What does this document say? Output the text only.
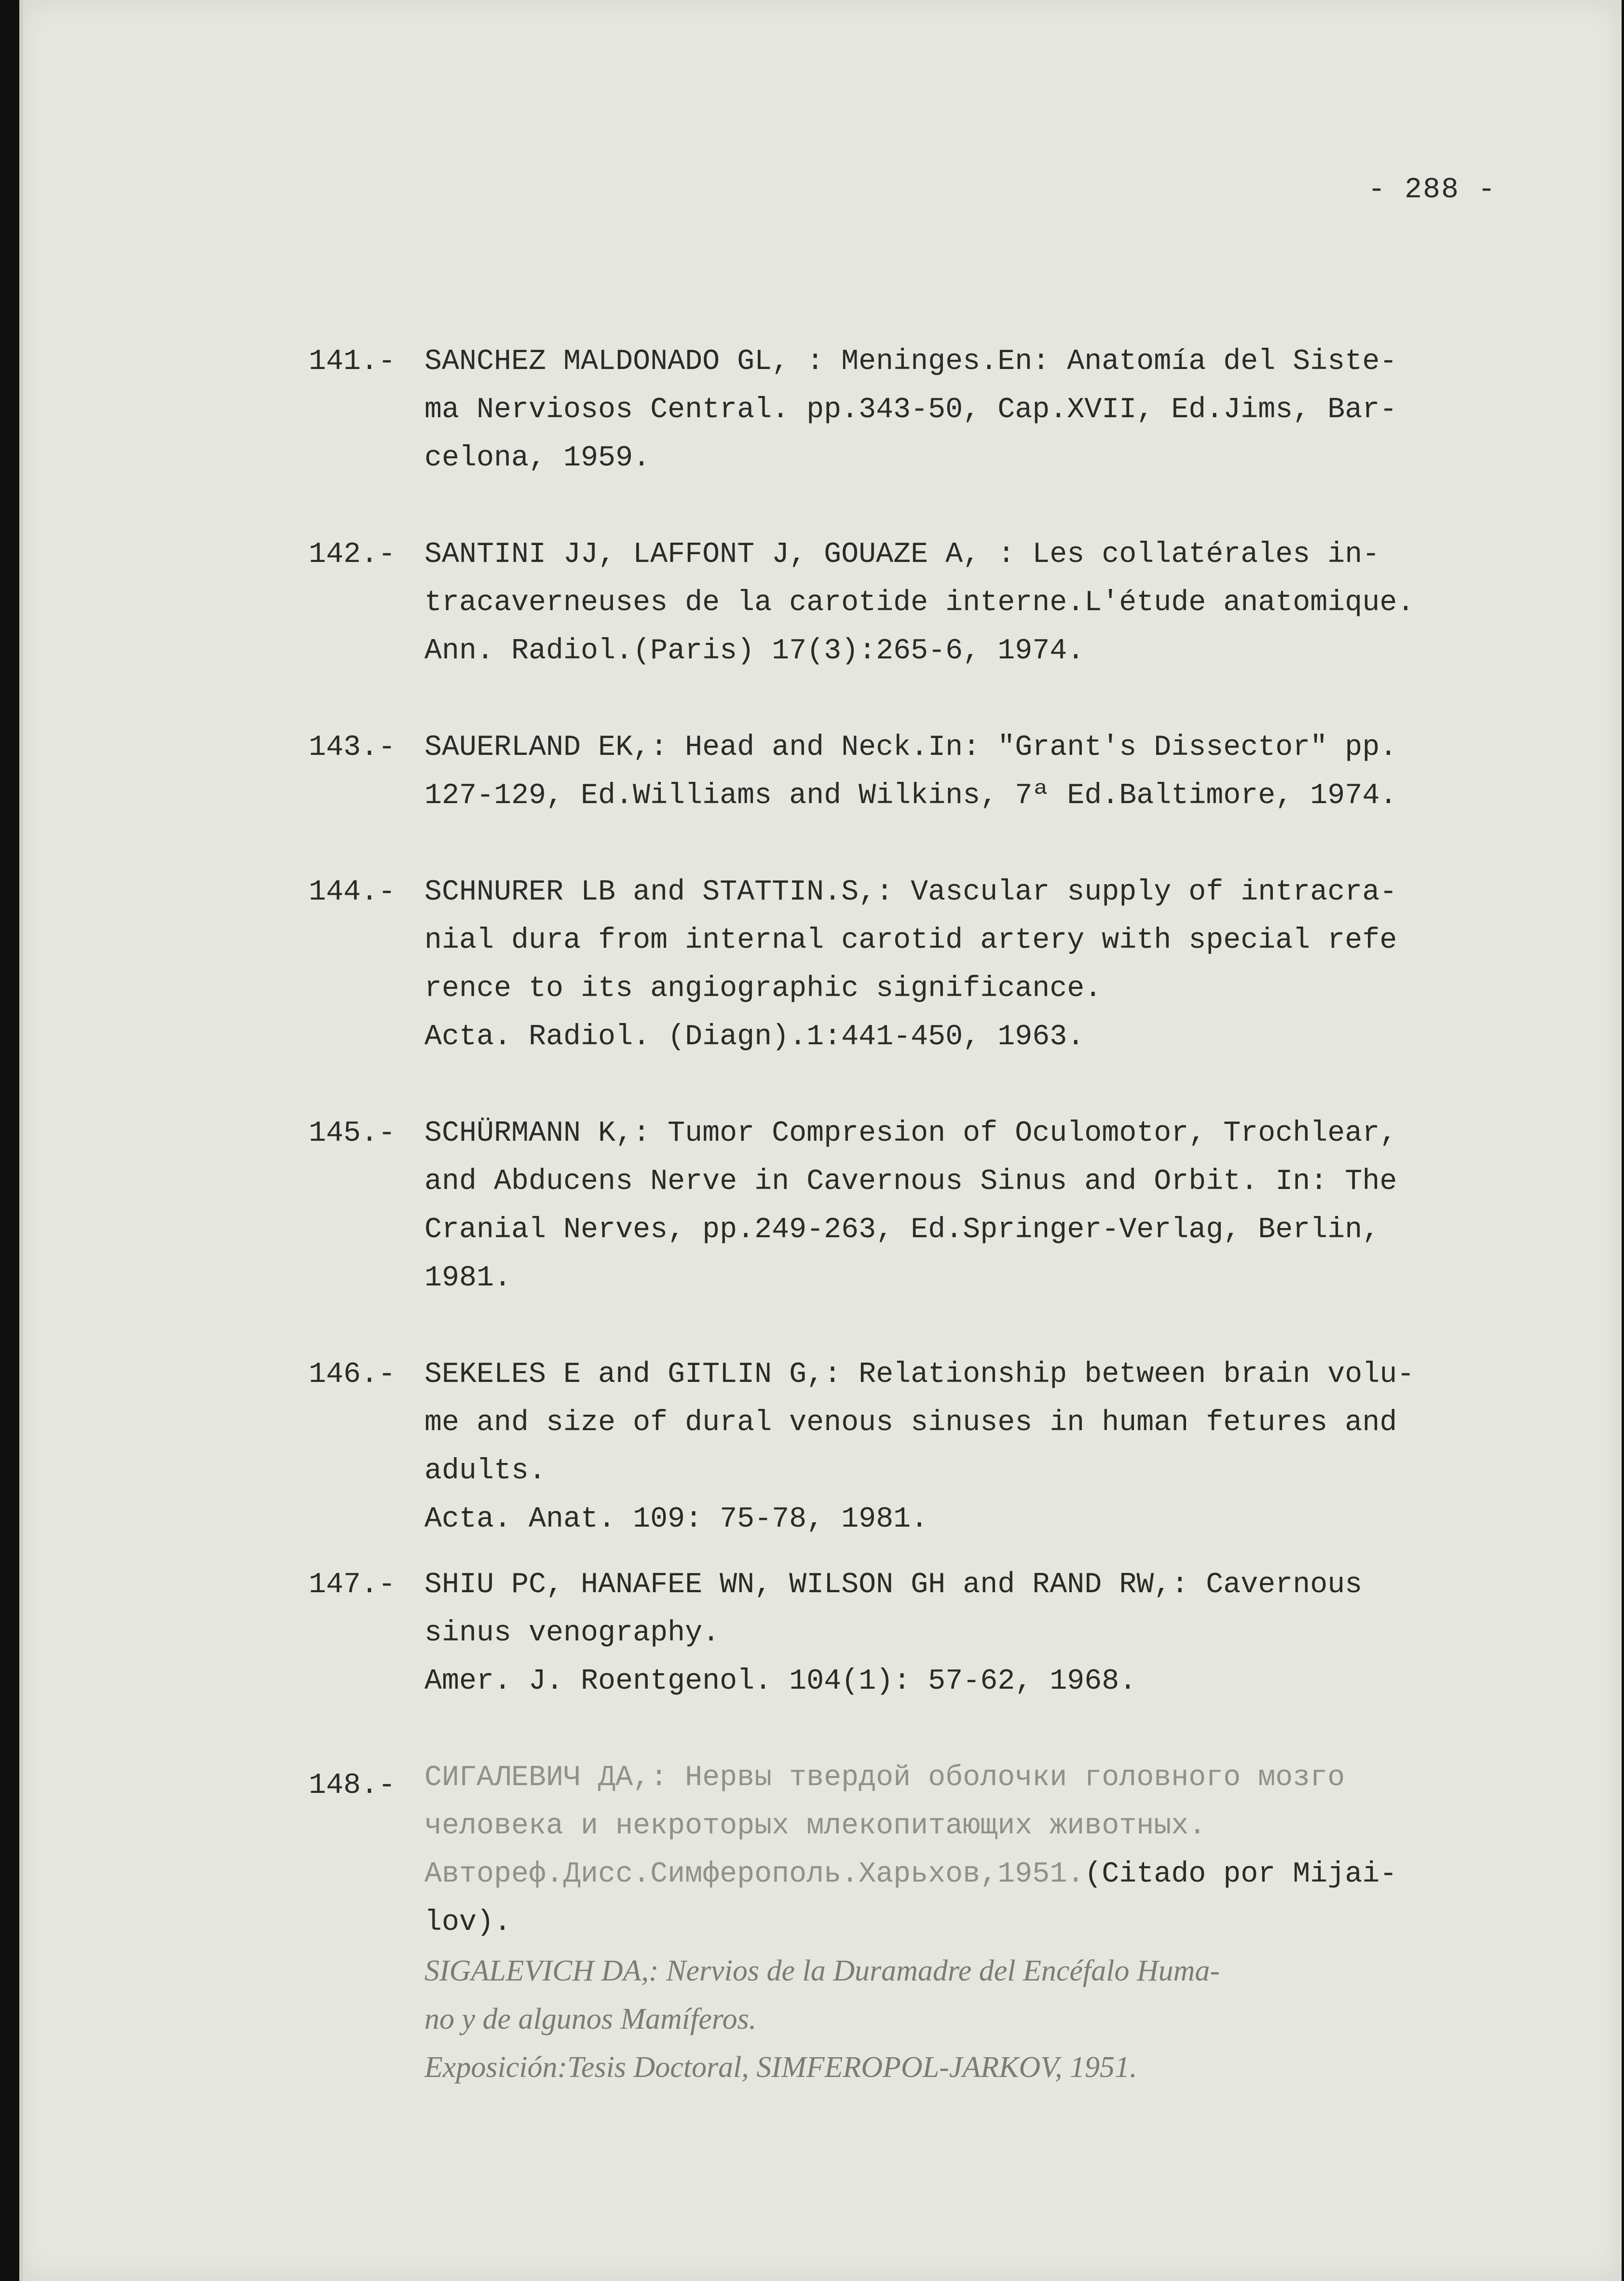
- 288 -
141.- SANCHEZ MALDONADO GL, : Meninges.En: Anatomía del Siste-
ma Nerviosos Central. pp.343-50, Cap.XVII, Ed.Jims, Bar-
celona, 1959.
142.- SANTINI JJ, LAFFONT J, GOUAZE A, : Les collatérales in-
tracaverneuses de la carotide interne.L'étude anatomique.
Ann. Radiol.(Paris) 17(3):265-6, 1974.
143.- SAUERLAND EK,: Head and Neck.In: "Grant's Dissector" pp.
127-129, Ed.Williams and Wilkins, 7ª Ed.Baltimore, 1974.
144.- SCHNURER LB and STATTIN.S,: Vascular supply of intracra-
nial dura from internal carotid artery with special refe
rence to its angiographic significance.
Acta. Radiol. (Diagn).1:441-450, 1963.
145.- SCHÜRMANN K,: Tumor Compresion of Oculomotor, Trochlear,
and Abducens Nerve in Cavernous Sinus and Orbit. In: The
Cranial Nerves, pp.249-263, Ed.Springer-Verlag, Berlin,
1981.
146.- SEKELES E and GITLIN G,: Relationship between brain volu-
me and size of dural venous sinuses in human fetures and
adults.
Acta. Anat. 109: 75-78, 1981.
147.- SHIU PC, HANAFEE WN, WILSON GH and RAND RW,: Cavernous
sinus venography.
Amer. J. Roentgenol. 104(1): 57-62, 1968.
148.- СИГАЛЕВИЧ ДА,: Нервы твердой оболочки головного мозго
человека и некроторых млекопитающих животных.
Автореф.Дисс.Симферополь.Харьхов,1951.(Citado por Mijai-
lov).
SIGALEVICH DA,: Nervios de la Duramadre del Encéfalo Huma-
no y de algunos Mamíferos.
Exposición:Tesis Doctoral, SIMFEROPOL-JARKOV, 1951.
